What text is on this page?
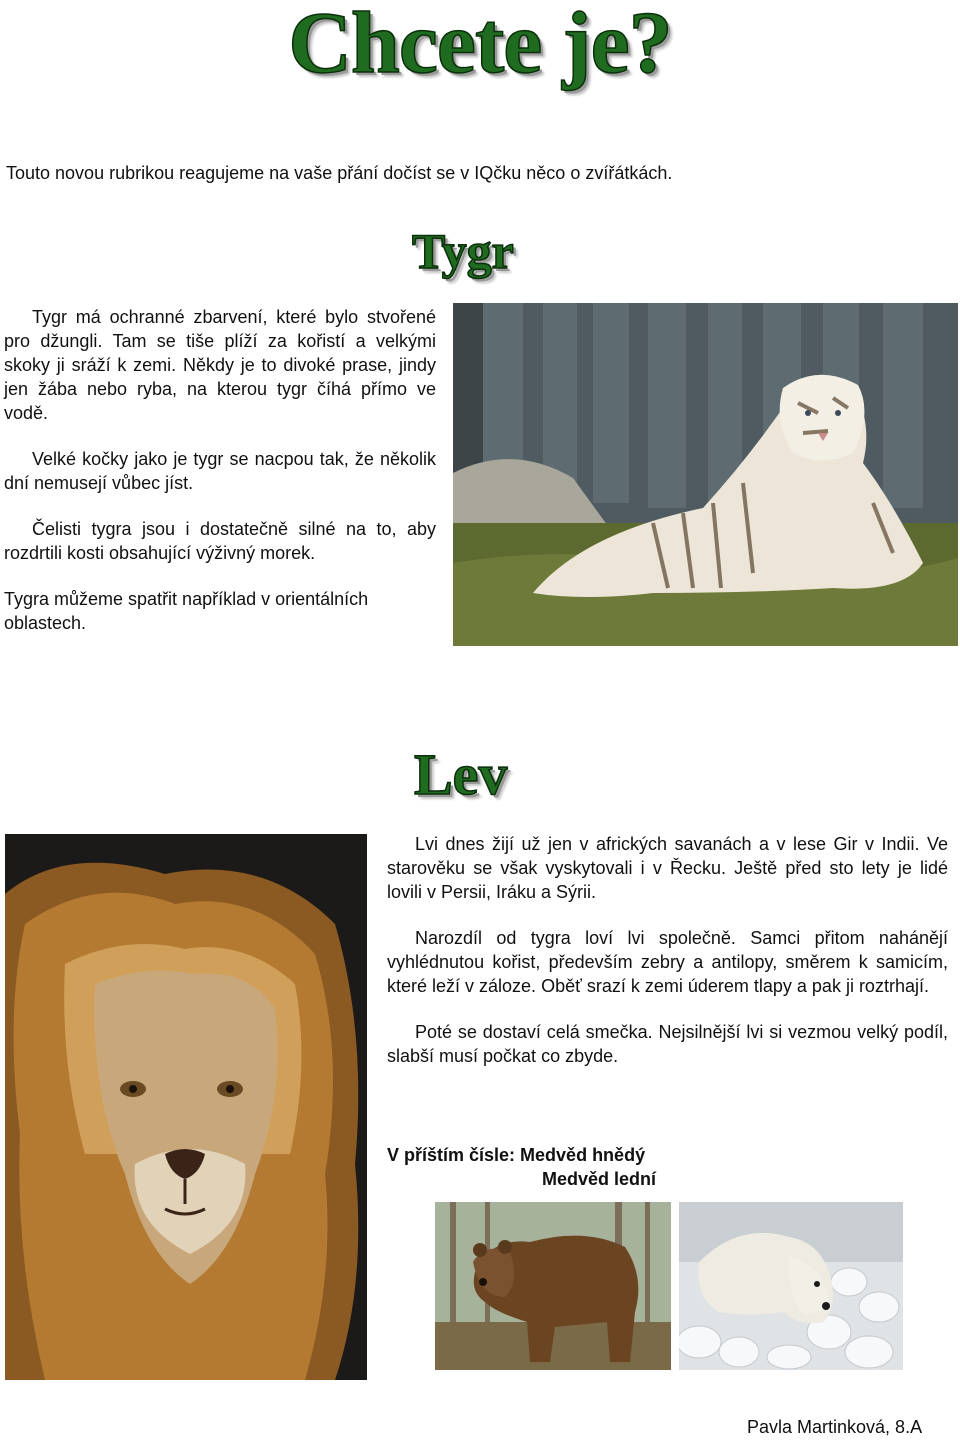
Chcete je?

Touto novou rubrikou reagujeme na vaše přání dočíst se v IQčku něco o zvířátkách.

Tygr

Tygr má ochranné zbarvení, které bylo stvořené pro džungli. Tam se tiše plíží za kořistí a velkými skoky ji sráží k zemi. Někdy je to divoké prase, jindy jen žába nebo ryba, na kterou tygr číhá přímo ve vodě.

Velké kočky jako je tygr se nacpou tak, že několik dní nemusejí vůbec jíst.

Čelisti tygra jsou i dostatečně silné na to, aby rozdrtili kosti obsahující výživný morek.

Tygra můžeme spatřit například v orientálních oblastech.

Lev

Lvi dnes žijí už jen v afrických savanách a v lese Gir v Indii. Ve starověku se však vyskytovali i v Řecku. Ještě před sto lety je lidé lovili v Persii, Iráku a Sýrii.

Narozdíl od tygra loví lvi společně. Samci přitom nahánějí vyhlédnutou kořist, především zebry a antilopy, směrem k samicím, které leží v záloze. Oběť srazí k zemi úderem tlapy a pak ji roztrhají.

Poté se dostaví celá smečka. Nejsilnější lvi si vezmou velký podíl, slabší musí počkat co zbyde.

V příštím čísle: Medvěd hnědý
Medvěd lední
Pavla Martinková, 8.A
